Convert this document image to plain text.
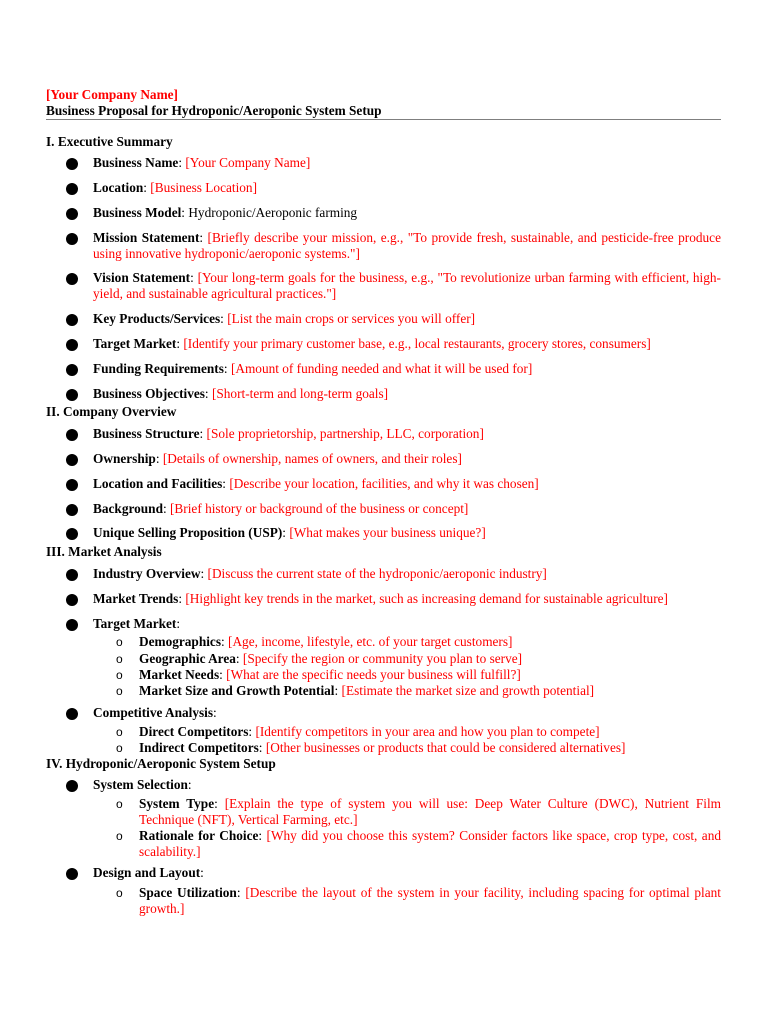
[Your Company Name]
Business Proposal for Hydroponic/Aeroponic System Setup
I. Executive Summary
Business Name: [Your Company Name]
Location: [Business Location]
Business Model: Hydroponic/Aeroponic farming
Mission Statement: [Briefly describe your mission, e.g., "To provide fresh, sustainable, and pesticide-free produce using innovative hydroponic/aeroponic systems."]
Vision Statement: [Your long-term goals for the business, e.g., "To revolutionize urban farming with efficient, high-yield, and sustainable agricultural practices."]
Key Products/Services: [List the main crops or services you will offer]
Target Market: [Identify your primary customer base, e.g., local restaurants, grocery stores, consumers]
Funding Requirements: [Amount of funding needed and what it will be used for]
Business Objectives: [Short-term and long-term goals]
II. Company Overview
Business Structure: [Sole proprietorship, partnership, LLC, corporation]
Ownership: [Details of ownership, names of owners, and their roles]
Location and Facilities: [Describe your location, facilities, and why it was chosen]
Background: [Brief history or background of the business or concept]
Unique Selling Proposition (USP): [What makes your business unique?]
III. Market Analysis
Industry Overview: [Discuss the current state of the hydroponic/aeroponic industry]
Market Trends: [Highlight key trends in the market, such as increasing demand for sustainable agriculture]
Target Market:
o Demographics: [Age, income, lifestyle, etc. of your target customers]
o Geographic Area: [Specify the region or community you plan to serve]
o Market Needs: [What are the specific needs your business will fulfill?]
o Market Size and Growth Potential: [Estimate the market size and growth potential]
Competitive Analysis:
o Direct Competitors: [Identify competitors in your area and how you plan to compete]
o Indirect Competitors: [Other businesses or products that could be considered alternatives]
IV. Hydroponic/Aeroponic System Setup
System Selection:
o System Type: [Explain the type of system you will use: Deep Water Culture (DWC), Nutrient Film Technique (NFT), Vertical Farming, etc.]
o Rationale for Choice: [Why did you choose this system? Consider factors like space, crop type, cost, and scalability.]
Design and Layout:
o Space Utilization: [Describe the layout of the system in your facility, including spacing for optimal plant growth.]
